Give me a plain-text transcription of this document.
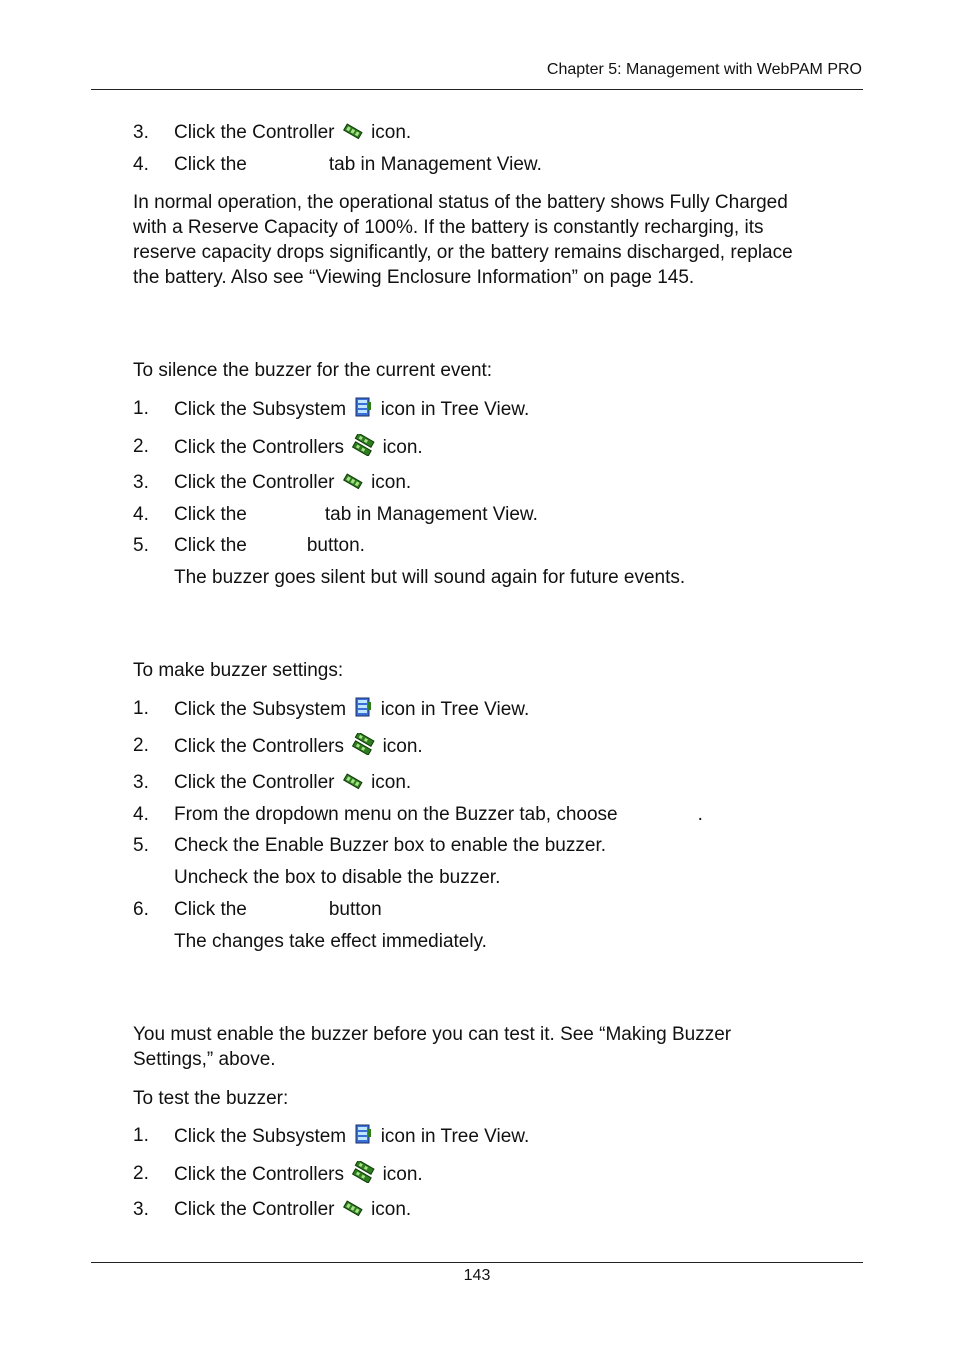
Chapter 5: Management with WebPAM PRO
3. Click the Controller icon.
4. Click the	tab in Management View.
In normal operation, the operational status of the battery shows Fully Charged
with a Reserve Capacity of 100%. If the battery is constantly recharging, its
reserve capacity drops significantly, or the battery remains discharged, replace
the battery. Also see “Viewing Enclosure Information” on page 145.
To silence the buzzer for the current event:
1. Click the Subsystem icon in Tree View.
2. Click the Controllers icon.
3. Click the Controller icon.
4. Click the	tab in Management View.
5. Click the	button.
The buzzer goes silent but will sound again for future events.
To make buzzer settings:
1. Click the Subsystem icon in Tree View.
2. Click the Controllers icon.
3. Click the Controller icon.
4. From the dropdown menu on the Buzzer tab, choose	.
5. Check the Enable Buzzer box to enable the buzzer.
Uncheck the box to disable the buzzer.
6. Click the	button
The changes take effect immediately.
You must enable the buzzer before you can test it. See “Making Buzzer
Settings,” above.
To test the buzzer:
1. Click the Subsystem icon in Tree View.
2. Click the Controllers icon.
3. Click the Controller icon.
143
